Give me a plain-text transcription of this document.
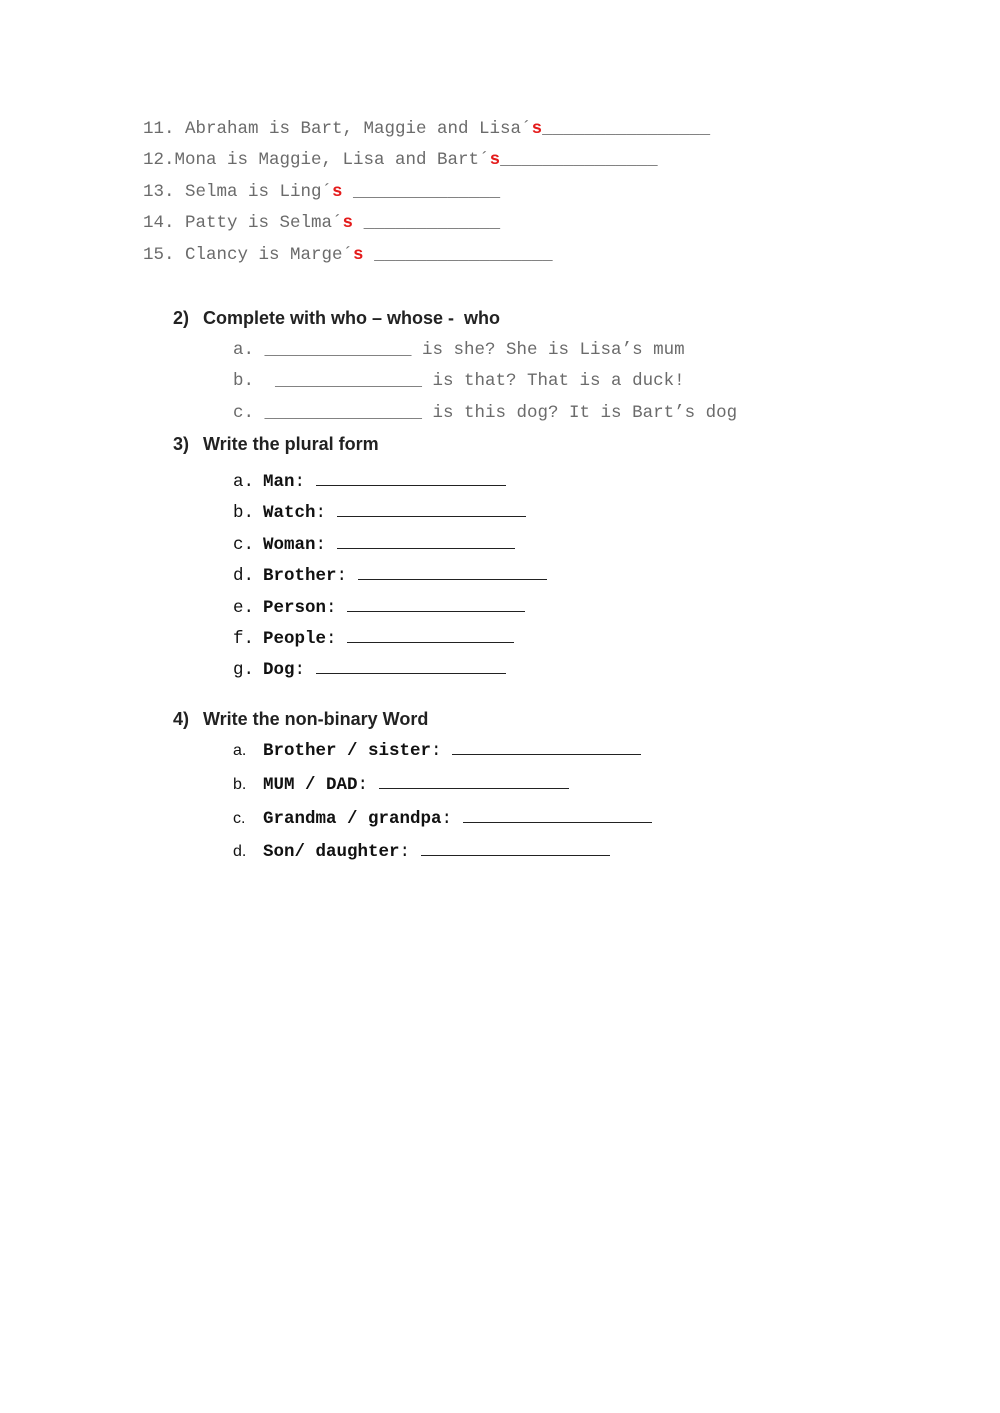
11. Abraham is Bart, Maggie and Lisa´s________________
12.Mona is Maggie, Lisa and Bart´s_______________
13. Selma is Ling´s ______________
14. Patty is Selma´s _____________
15. Clancy is Marge´s _________________
2) Complete with who – whose -  who
a. ______________ is she? She is Lisa’s mum
b.  ______________ is that? That is a duck!
c. _______________ is this dog? It is Bart’s dog
3) Write the plural form
a. Man:
b. Watch:
c. Woman:
d. Brother:
e. Person:
f. People:
g. Dog:
4) Write the non-binary Word
a. Brother / sister:
b. MUM / DAD:
c. Grandma / grandpa:
d. Son/ daughter:
